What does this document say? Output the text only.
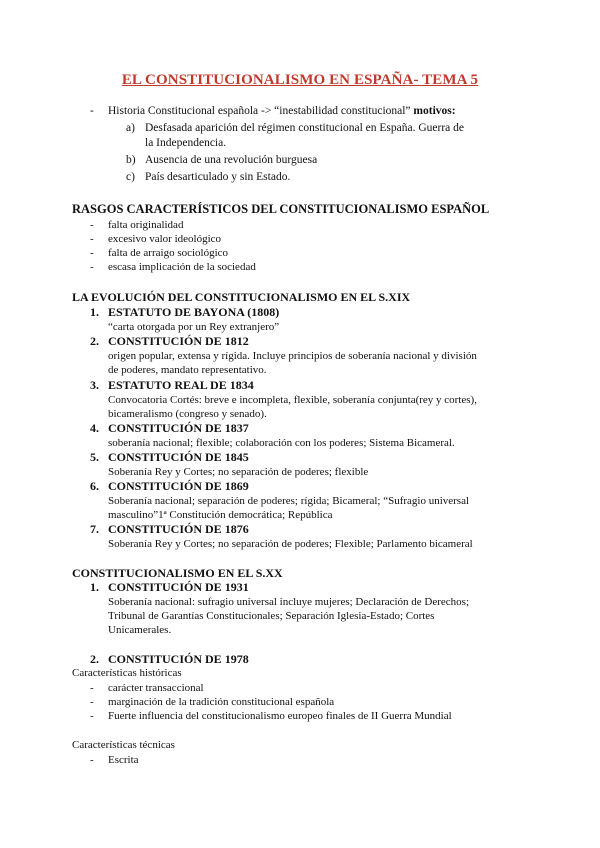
EL CONSTITUCIONALISMO EN ESPAÑA- TEMA 5
- Historia Constitucional española -> “inestabilidad constitucional” motivos:
a) Desfasada aparición del régimen constitucional en España. Guerra de
la Independencia.
b) Ausencia de una revolución burguesa
c) País desarticulado y sin Estado.
RASGOS CARACTERÍSTICOS DEL CONSTITUCIONALISMO ESPAÑOL
- falta originalidad
- excesivo valor ideológico
- falta de arraigo sociológico
- escasa implicación de la sociedad
LA EVOLUCIÓN DEL CONSTITUCIONALISMO EN EL S.XIX
1. ESTATUTO DE BAYONA (1808)
“carta otorgada por un Rey extranjero”
2. CONSTITUCIÓN DE 1812
origen popular, extensa y rígida. Incluye principios de soberanía nacional y división
de poderes, mandato representativo.
3. ESTATUTO REAL DE 1834
Convocatoria Cortés: breve e incompleta, flexible, soberanía conjunta(rey y cortes),
bicameralismo (congreso y senado).
4. CONSTITUCIÓN DE 1837
soberanía nacional; flexible; colaboración con los poderes; Sistema Bicameral.
5. CONSTITUCIÓN DE 1845
Soberanía Rey y Cortes; no separación de poderes; flexible
6. CONSTITUCIÓN DE 1869
Soberanía nacional; separación de poderes; rígida; Bicameral; “Sufragio universal
masculino”1ª Constitución democrática; República
7. CONSTITUCIÓN DE 1876
Soberanía Rey y Cortes; no separación de poderes; Flexible; Parlamento bicameral
CONSTITUCIONALISMO EN EL S.XX
1. CONSTITUCIÓN DE 1931
Soberanía nacional: sufragio universal incluye mujeres; Declaración de Derechos;
Tribunal de Garantías Constitucionales; Separación Iglesia-Estado; Cortes
Unicamerales.
2. CONSTITUCIÓN DE 1978
Características históricas
- carácter transaccional
- marginación de la tradición constitucional española
- Fuerte influencia del constitucionalismo europeo finales de II Guerra Mundial
Características técnicas
- Escrita
